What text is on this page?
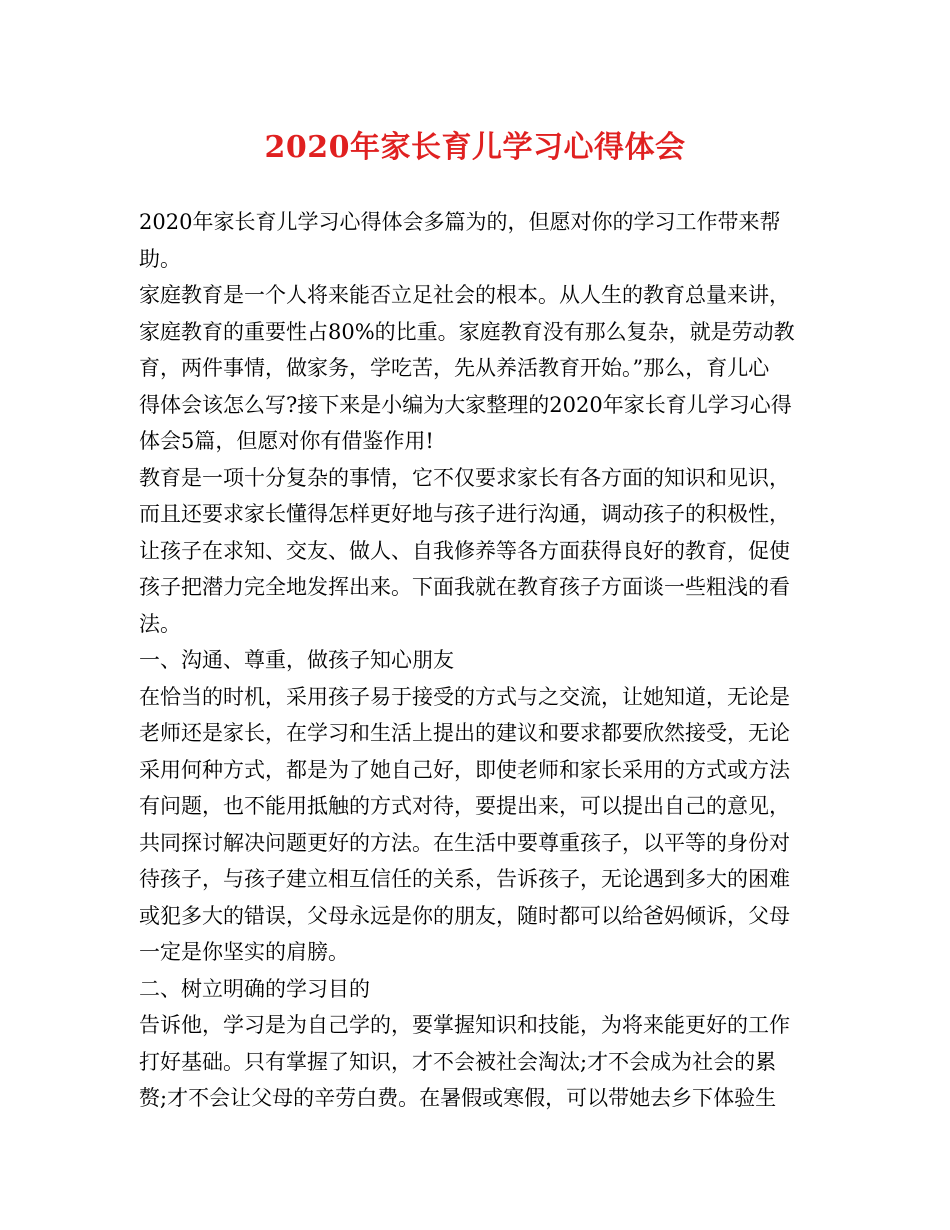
2020年家长育儿学习心得体会
2020年家长育儿学习心得体会多篇为的，但愿对你的学习工作带来帮
助。
家庭教育是一个人将来能否立足社会的根本。从人生的教育总量来讲，
家庭教育的重要性占80%的比重。家庭教育没有那么复杂，就是劳动教
育，两件事情，做家务，学吃苦，先从养活教育开始。”那么，育儿心
得体会该怎么写?接下来是小编为大家整理的2020年家长育儿学习心得
体会5篇，但愿对你有借鉴作用!
教育是一项十分复杂的事情，它不仅要求家长有各方面的知识和见识，
而且还要求家长懂得怎样更好地与孩子进行沟通，调动孩子的积极性，
让孩子在求知、交友、做人、自我修养等各方面获得良好的教育，促使
孩子把潜力完全地发挥出来。下面我就在教育孩子方面谈一些粗浅的看
法。
一、沟通、尊重，做孩子知心朋友
在恰当的时机，采用孩子易于接受的方式与之交流，让她知道，无论是
老师还是家长，在学习和生活上提出的建议和要求都要欣然接受，无论
采用何种方式，都是为了她自己好，即使老师和家长采用的方式或方法
有问题，也不能用抵触的方式对待，要提出来，可以提出自己的意见，
共同探讨解决问题更好的方法。在生活中要尊重孩子，以平等的身份对
待孩子，与孩子建立相互信任的关系，告诉孩子，无论遇到多大的困难
或犯多大的错误，父母永远是你的朋友，随时都可以给爸妈倾诉，父母
一定是你坚实的肩膀。
二、树立明确的学习目的
告诉他，学习是为自己学的，要掌握知识和技能，为将来能更好的工作
打好基础。只有掌握了知识，才不会被社会淘汰;才不会成为社会的累
赘;才不会让父母的辛劳白费。在暑假或寒假，可以带她去乡下体验生
